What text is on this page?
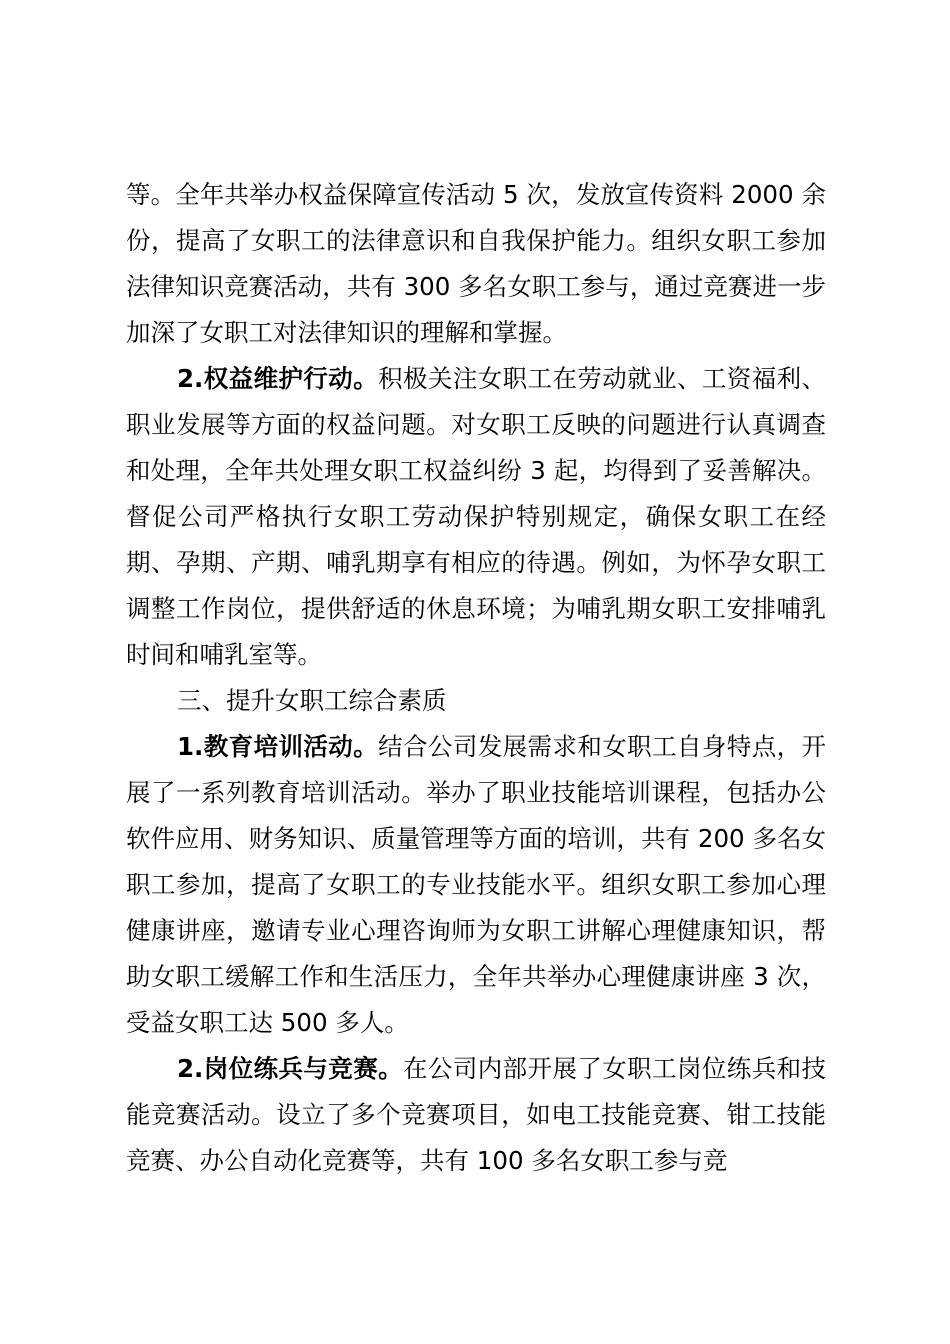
等。全年共举办权益保障宣传活动 5 次，发放宣传资料 2000 余份，提高了女职工的法律意识和自我保护能力。组织女职工参加法律知识竞赛活动，共有 300 多名女职工参与，通过竞赛进一步加深了女职工对法律知识的理解和掌握。

2.权益维护行动。积极关注女职工在劳动就业、工资福利、职业发展等方面的权益问题。对女职工反映的问题进行认真调查和处理，全年共处理女职工权益纠纷 3 起，均得到了妥善解决。督促公司严格执行女职工劳动保护特别规定，确保女职工在经期、孕期、产期、哺乳期享有相应的待遇。例如，为怀孕女职工调整工作岗位，提供舒适的休息环境；为哺乳期女职工安排哺乳时间和哺乳室等。

三、提升女职工综合素质

1.教育培训活动。结合公司发展需求和女职工自身特点，开展了一系列教育培训活动。举办了职业技能培训课程，包括办公软件应用、财务知识、质量管理等方面的培训，共有 200 多名女职工参加，提高了女职工的专业技能水平。组织女职工参加心理健康讲座，邀请专业心理咨询师为女职工讲解心理健康知识，帮助女职工缓解工作和生活压力，全年共举办心理健康讲座 3 次，受益女职工达 500 多人。

2.岗位练兵与竞赛。在公司内部开展了女职工岗位练兵和技能竞赛活动。设立了多个竞赛项目，如电工技能竞赛、钳工技能竞赛、办公自动化竞赛等，共有 100 多名女职工参与竞
